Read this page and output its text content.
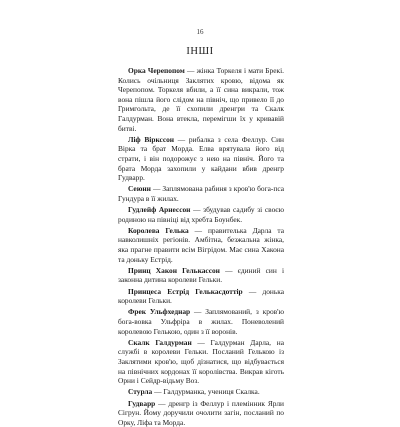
16
ІНШІ

Орка Черепопом — жінка Торкеля і мати Брекі. Колись очільниця Заклятих кровю, відома як Черепопом. Торкеля вбили, а її сина викрали, тож вона пішла його слідом на північ, що привело її до Гримгольта, де її схопили дренгри та Скалк Галдурман. Вона втекла, перемігши їх у кривавій битві.

Ліф Віркссон — рибалка з села Феллур. Син Вірка та брат Морда. Елва врятувала його від страти, і він подорожує з нею на північ. Його та брата Морда захопили у кайдани вбив дренгр Гудварр.

Сеюнн — Заплямована рабиня з кров'ю бога-пса Гундура в її жилах.

Гудлейф Арнессон — збудував садибу зі своєю родиною на півніці від хребта Боунбек.

Королева Гелька — правителька Дарла та навколишніх регіонів. Амбітна, безжальна жінка, яка прагне правити всім Вігрідом. Має сина Хакона та доньку Естрід.

Принц Хакон Гелькассон — єдиний син і законна дитина королеви Гельки.

Принцеса Естрід Гелькасдоттір — донька королеви Гельки.

Фрек Ульфхеднар — Заплямований, з кров'ю бога-вовка Ульфріра в жилах. Поневолений королевою Гелькою, один з її воронів.

Скалк Галдурман — Галдурман Дарла, на службі в королеви Гельки. Посланий Гелькою із Заклятими кров'ю, щоб дізнатися, що відбувається на північних кордонах її королівства. Викрав кіготь Орни і Сейдр-відьму Воз.

Стурла — Галдурманка, учениця Скалка.

Гудварр — дренгр із Феллур і племінник Ярли Сігрун. Йому доручили очолити загін, посланий по Орку, Ліфа та Морда.
